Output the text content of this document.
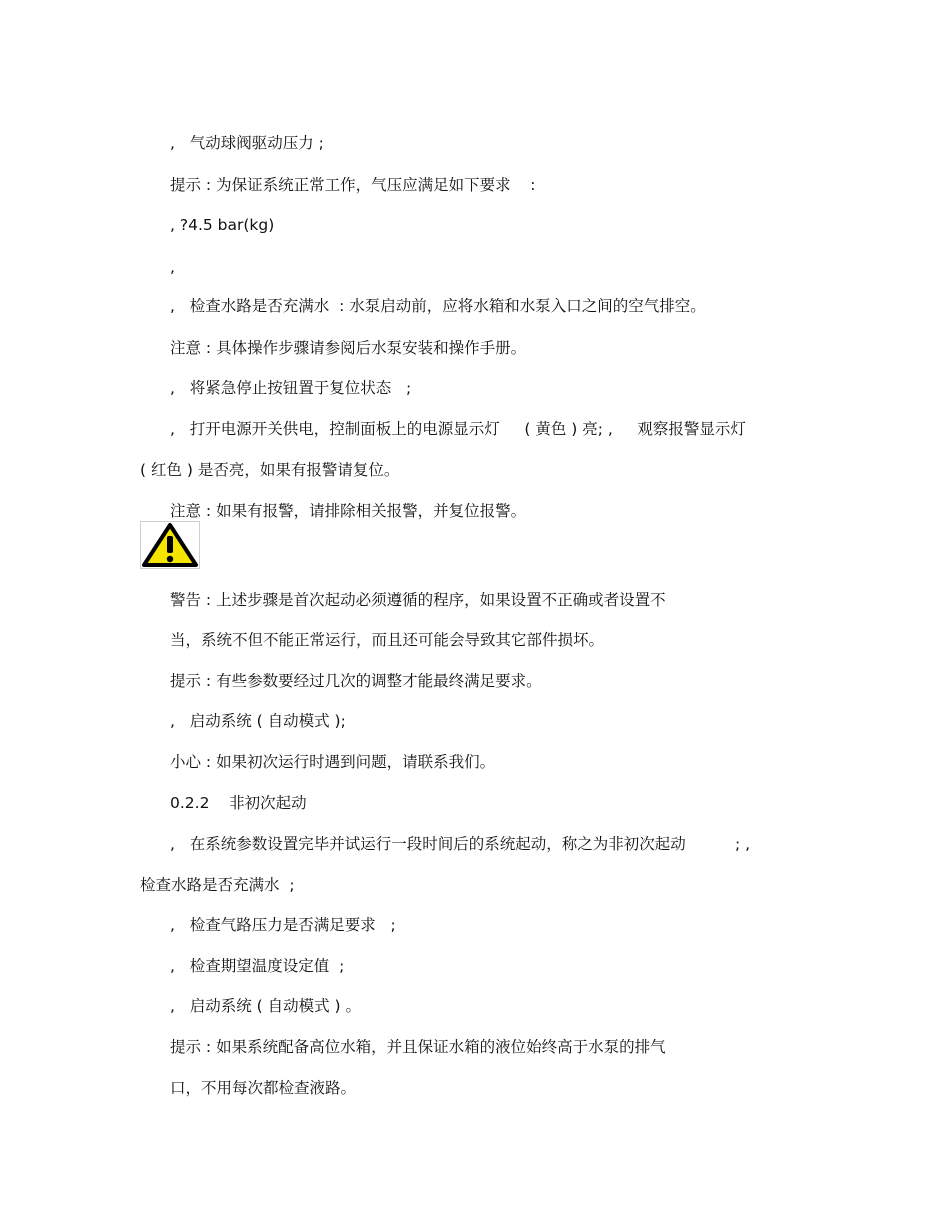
,   气动球阀驱动压力 ;
提示 : 为保证系统正常工作，气压应满足如下要求    :
, ?4.5 bar(kg)
,
,   检查水路是否充满水  : 水泵启动前，应将水箱和水泵入口之间的空气排空。
注意 : 具体操作步骤请参阅后水泵安装和操作手册。
,   将紧急停止按钮置于复位状态   ;
,   打开电源开关供电，控制面板上的电源显示灯     ( 黄色 ) 亮; ,     观察报警显示灯
( 红色 ) 是否亮，如果有报警请复位。
注意 : 如果有报警，请排除相关报警，并复位报警。
警告 : 上述步骤是首次起动必须遵循的程序，如果设置不正确或者设置不
当，系统不但不能正常运行，而且还可能会导致其它部件损坏。
提示 : 有些参数要经过几次的调整才能最终满足要求。
,   启动系统 ( 自动模式 );
小心 : 如果初次运行时遇到问题，请联系我们。
0.2.2    非初次起动
,   在系统参数设置完毕并试运行一段时间后的系统起动，称之为非初次起动          ; ,
检查水路是否充满水  ;
,   检查气路压力是否满足要求   ;
,   检查期望温度设定值  ;
,   启动系统 ( 自动模式 ) 。
提示 : 如果系统配备高位水箱，并且保证水箱的液位始终高于水泵的排气
口，不用每次都检查液路。
